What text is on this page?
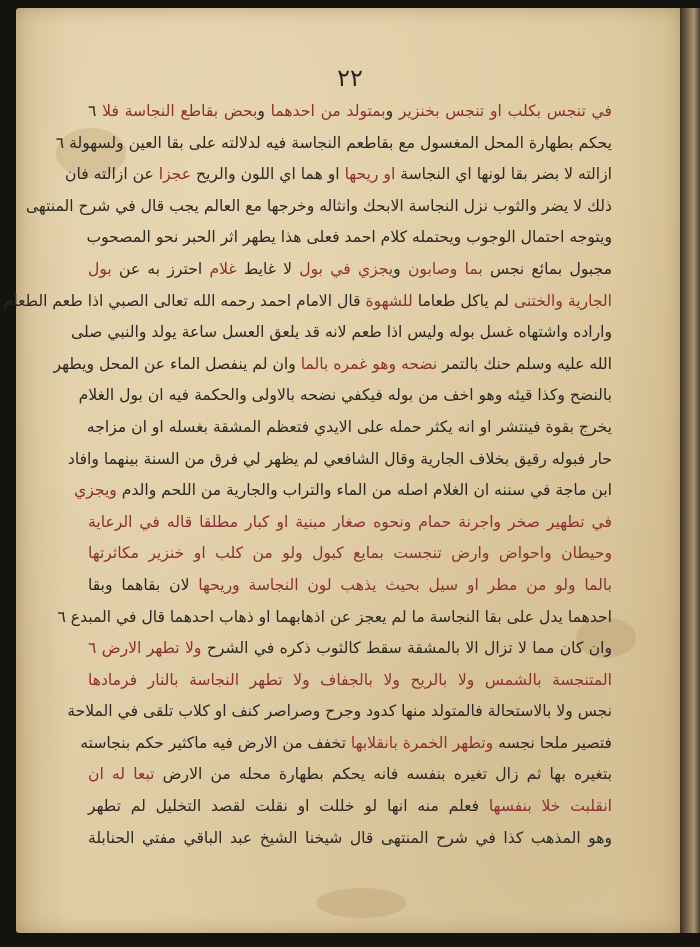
٢٢
في تنجس بكلب او تنجس بخنزير وبمتولد من احدهما وبحض بقاطع النجاسة فلا ٦
يحكم بطهارة المحل المغسول مع بقاطعم النجاسة فيه لدلالته على بقا العين ولسهولة ٦
ازالته لا بضر بقا لونها اي النجاسة او ريحها او هما اي اللون والريح عجزا عن ازالته فان
ذلك لا يضر والثوب نزل النجاسة الابحك وانثاله وخرجها مع العالم يجب قال في شرح المنتهى
ويتوجه احتمال الوجوب ويحتمله كلام احمد فعلى هذا يطهر اثر الحبر نحو المصحوب
مجبول بمائع نجس بما وصابون ويجزي في بول لا غايط غلام احترز به عن بول
الجارية والختنى لم ياكل طعاما للشهوة قال الامام احمد رحمه الله تعالى الصبي اذا طعم الطعام
واراده واشتهاه غسل بوله وليس اذا طعم لانه قد يلعق العسل ساعة يولد والنبي صلى
الله عليه وسلم حنك بالتمر نضحه وهو غمره بالما وان لم ينفصل الماء عن المحل ويطهر
بالنضح وكذا قيئه وهو اخف من بوله فيكفي نضحه بالاولى والحكمة فيه ان بول الغلام
يخرج بقوة فينتشر او انه يكثر حمله على الايدي فتعظم المشقة بغسله او ان مزاجه
حار فبوله رقيق بخلاف الجارية وقال الشافعي لم يظهر لي فرق من السنة بينهما وافاد
ابن ماجة في سننه ان الغلام اصله من الماء والتراب والجارية من اللحم والدم ويجزي
في تطهير صخر واجرنة حمام ونحوه صغار مبنية او كبار مطلقا قاله في الرعاية
وحيطان واحواض وارض تنجست بمايع كبول ولو من كلب او خنزير مكاثرتها
بالما ولو من مطر او سيل بحيث يذهب لون النجاسة وريحها لان بقاهما وبقا
احدهما يدل على بقا النجاسة ما لم يعجز عن اذهابهما او ذهاب احدهما قال في المبدع ٦
وان كان مما لا تزال الا بالمشقة سقط كالثوب ذكره في الشرح ولا تطهر الارض ٦
المتنجسة بالشمس ولا بالريح ولا بالجفاف ولا تطهر النجاسة بالنار فرمادها
نجس ولا بالاستحالة فالمتولد منها كدود وجرح وصراصر كنف او كلاب تلقى في الملاحة
فتصير ملحا نجسه وتطهر الخمرة بانقلابها تخفف من الارض فيه ماكثير حكم بنجاسته
بتغيره بها ثم زال تغيره بنفسه فانه يحكم بطهارة محله من الارض تبعا له ان
انقلبت خلا بنفسها فعلم منه انها لو خللت او نقلت لقصد التخليل لم تطهر
وهو المذهب كذا في شرح المنتهى قال شيخنا الشيخ عبد الباقي مفتي الحنابلة
